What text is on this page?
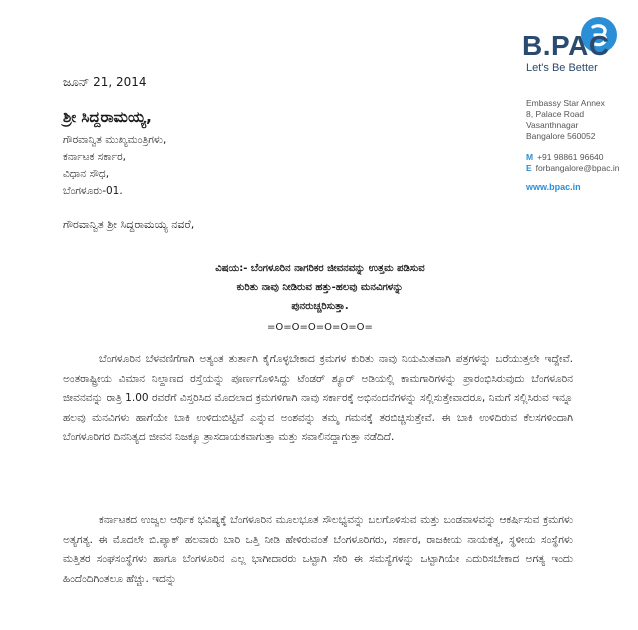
B.PAC
Let's Be Better
Embassy Star Annex
8, Palace Road
Vasanthnagar
Bangalore 560052
M +91 98861 96640
E forbangalore@bpac.in
www.bpac.in
ಜೂನ್ 21, 2014
ಶ್ರೀ ಸಿದ್ದರಾಮಯ್ಯ,
ಗೌರವಾನ್ವಿತ ಮುಖ್ಯಮಂತ್ರಿಗಳು,
ಕರ್ನಾಟಕ ಸರ್ಕಾರ,
ವಿಧಾನ ಸೌಧ,
ಬೆಂಗಳೂರು-01.
ಗೌರವಾನ್ವಿತ ಶ್ರೀ ಸಿದ್ದರಾಮಯ್ಯ ನವರೆ,
ವಿಷಯ:- ಬೆಂಗಳೂರಿನ ನಾಗರಿಕರ ಜೀವನವನ್ನು ಉತ್ತಮ ಪಡಿಸುವ
ಕುರಿತು ನಾವು ನೀಡಿರುವ ಹತ್ತು-ಹಲವು ಮನವಿಗಳನ್ನು
ಪುನರುಚ್ಚರಿಸುತ್ತಾ.
=O=O=O=O=O=O=

ಬೆಂಗಳೂರಿನ ಬೆಳವಣಿಗೆಗಾಗಿ ಅತ್ಯಂತ ತುರ್ತಾಗಿ ಕೈಗೊಳ್ಳಬೇಕಾದ ಕ್ರಮಗಳ ಕುರಿತು ನಾವು ನಿಯಮಿತವಾಗಿ ಪತ್ರಗಳನ್ನು ಬರೆಯುತ್ತಲೇ ಇದ್ದೇವೆ. ಅಂತರಾಷ್ಟ್ರೀಯ ವಿಮಾನ ನಿಲ್ದಾಣದ ರಸ್ತೆಯನ್ನು ಪೂರ್ಣಗೊಳಿಸಿದ್ದು ಟೆಂಡರ್ ಶ್ಯೂರ್ ಅಡಿಯಲ್ಲಿ ಕಾಮಗಾರಿಗಳನ್ನು ಪ್ರಾರಂಭಿಸಿರುವುದು ಬೆಂಗಳೂರಿನ ಜೀವನವನ್ನು ರಾತ್ರಿ 1.00 ರವರೆಗೆ ವಿಸ್ತರಿಸಿದ ಮೊದಲಾದ ಕ್ರಮಗಳಿಗಾಗಿ ನಾವು ಸರ್ಕಾರಕ್ಕೆ ಅಭಿನಂದನೆಗಳನ್ನು ಸಲ್ಲಿಸುತ್ತೇವಾದರೂ, ನಿಮಗೆ ಸಲ್ಲಿಸಿರುವ ಇನ್ನೂ ಹಲವು ಮನವಿಗಳು ಹಾಗೆಯೇ ಬಾಕಿ ಉಳಿದುಬಿಟ್ಟಿವೆ ಎನ್ನುವ ಅಂಶವನ್ನು ತಮ್ಮ ಗಮನಕ್ಕೆ ತರಬಿಚ್ಚಿಸುತ್ತೇವೆ. ಈ ಬಾಕಿ ಉಳಿದಿರುವ ಕೆಲಸಗಳಿಂದಾಗಿ ಬೆಂಗಳೂರಿಗರ ದಿನನಿತ್ಯದ ಜೀವನ ನಿಜಕ್ಕೂ ತ್ರಾಸದಾಯಕವಾಗುತ್ತಾ ಮತ್ತು ಸವಾಲಿನದ್ದಾಗುತ್ತಾ ನಡೆದಿದೆ.

ಕರ್ನಾಟಕದ ಉಜ್ವಲ ಆರ್ಥಿಕ ಭವಿಷ್ಯಕ್ಕೆ ಬೆಂಗಳೂರಿನ ಮೂಲಭೂತ ಸೌಲಭ್ಯವನ್ನು ಬಲಗೊಳಿಸುವ ಮತ್ತು ಬಂಡವಾಳವನ್ನು ಆಕರ್ಷಿಸುವ ಕ್ರಮಗಳು ಅತ್ಯಗತ್ಯ. ಈ ಮೊದಲೇ ಬಿ.ಪ್ಯಾಕ್ ಹಲವಾರು ಬಾರಿ ಒತ್ತಿ ನೀಡಿ ಹೇಳಿರುವಂತೆ ಬೆಂಗಳೂರಿಗರು, ಸರ್ಕಾರ, ರಾಜಕೀಯ ನಾಯಕತ್ವ, ಸ್ಥಳೀಯ ಸಂಸ್ಥೆಗಳು ಮತ್ತಿತರ ಸಂಘಸಂಸ್ಥೆಗಳು ಹಾಗೂ ಬೆಂಗಳೂರಿನ ಎಲ್ಲ ಭಾಗೀದಾರರು ಒಟ್ಟಾಗಿ ಸೇರಿ ಈ ಸಮಸ್ಯೆಗಳನ್ನು ಒಟ್ಟಾಗಿಯೇ ಎದುರಿಸಬೇಕಾದ ಅಗತ್ಯ ಇಂದು ಹಿಂದೆಂದಿಗಿಂತಲೂ ಹೆಚ್ಚು. ಇದನ್ನು
